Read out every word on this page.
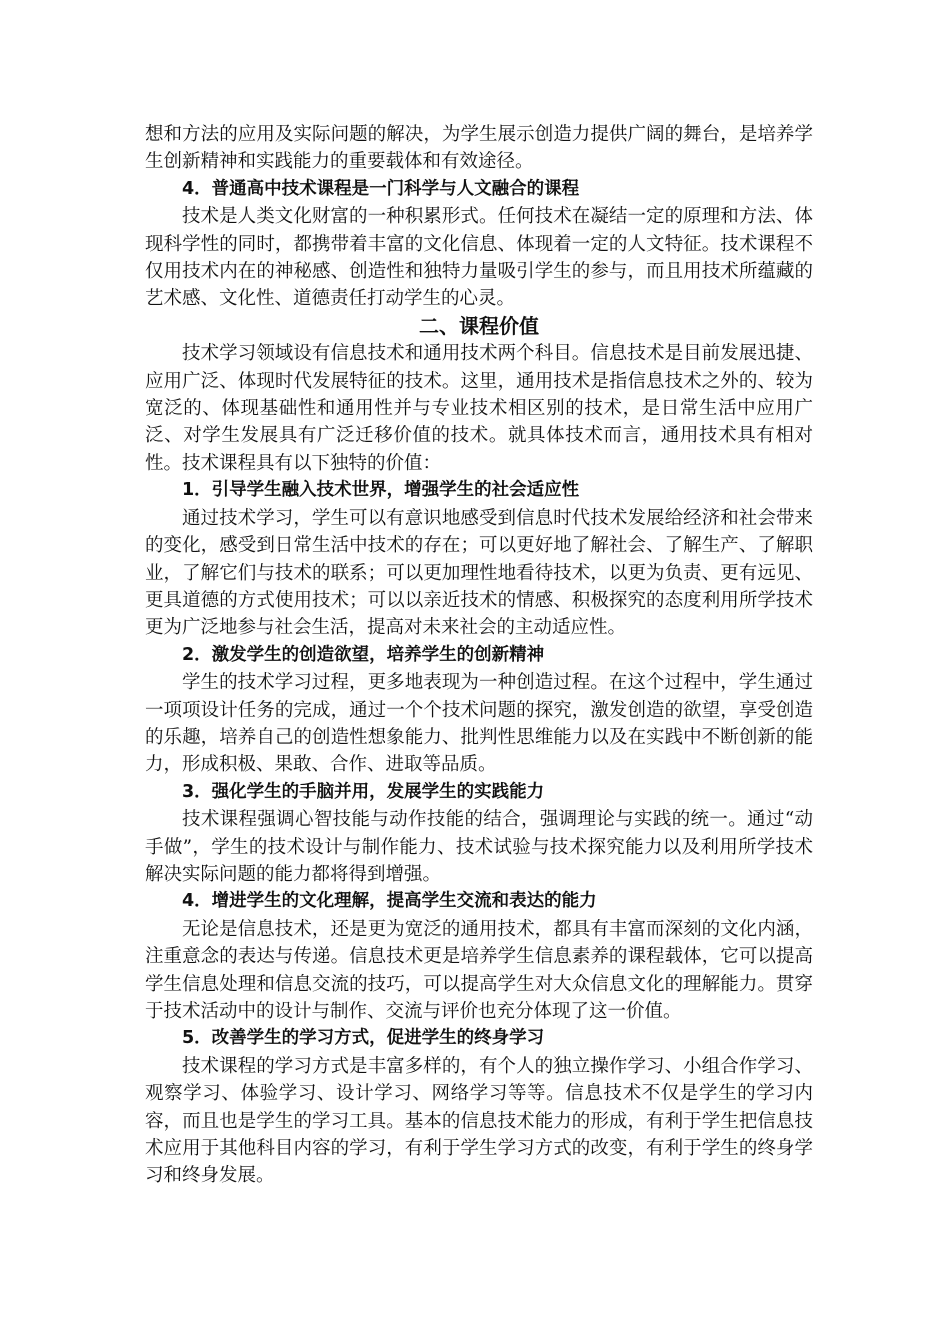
想和方法的应用及实际问题的解决，为学生展示创造力提供广阔的舞台，是培养学生创新精神和实践能力的重要载体和有效途径。

4．普通高中技术课程是一门科学与人文融合的课程

技术是人类文化财富的一种积累形式。任何技术在凝结一定的原理和方法、体现科学性的同时，都携带着丰富的文化信息、体现着一定的人文特征。技术课程不仅用技术内在的神秘感、创造性和独特力量吸引学生的参与，而且用技术所蕴藏的艺术感、文化性、道德责任打动学生的心灵。

二、课程价值

技术学习领域设有信息技术和通用技术两个科目。信息技术是目前发展迅捷、应用广泛、体现时代发展特征的技术。这里，通用技术是指信息技术之外的、较为宽泛的、体现基础性和通用性并与专业技术相区别的技术，是日常生活中应用广泛、对学生发展具有广泛迁移价值的技术。就具体技术而言，通用技术具有相对性。技术课程具有以下独特的价值：

1．引导学生融入技术世界，增强学生的社会适应性

通过技术学习，学生可以有意识地感受到信息时代技术发展给经济和社会带来的变化，感受到日常生活中技术的存在；可以更好地了解社会、了解生产、了解职业，了解它们与技术的联系；可以更加理性地看待技术，以更为负责、更有远见、更具道德的方式使用技术；可以以亲近技术的情感、积极探究的态度利用所学技术更为广泛地参与社会生活，提高对未来社会的主动适应性。

2．激发学生的创造欲望，培养学生的创新精神

学生的技术学习过程，更多地表现为一种创造过程。在这个过程中，学生通过一项项设计任务的完成，通过一个个技术问题的探究，激发创造的欲望，享受创造的乐趣，培养自己的创造性想象能力、批判性思维能力以及在实践中不断创新的能力，形成积极、果敢、合作、进取等品质。

3．强化学生的手脑并用，发展学生的实践能力

技术课程强调心智技能与动作技能的结合，强调理论与实践的统一。通过“动手做”，学生的技术设计与制作能力、技术试验与技术探究能力以及利用所学技术解决实际问题的能力都将得到增强。

4．增进学生的文化理解，提高学生交流和表达的能力

无论是信息技术，还是更为宽泛的通用技术，都具有丰富而深刻的文化内涵，注重意念的表达与传递。信息技术更是培养学生信息素养的课程载体，它可以提高学生信息处理和信息交流的技巧，可以提高学生对大众信息文化的理解能力。贯穿于技术活动中的设计与制作、交流与评价也充分体现了这一价值。

5．改善学生的学习方式，促进学生的终身学习

技术课程的学习方式是丰富多样的，有个人的独立操作学习、小组合作学习、观察学习、体验学习、设计学习、网络学习等等。信息技术不仅是学生的学习内容，而且也是学生的学习工具。基本的信息技术能力的形成，有利于学生把信息技术应用于其他科目内容的学习，有利于学生学习方式的改变，有利于学生的终身学习和终身发展。
